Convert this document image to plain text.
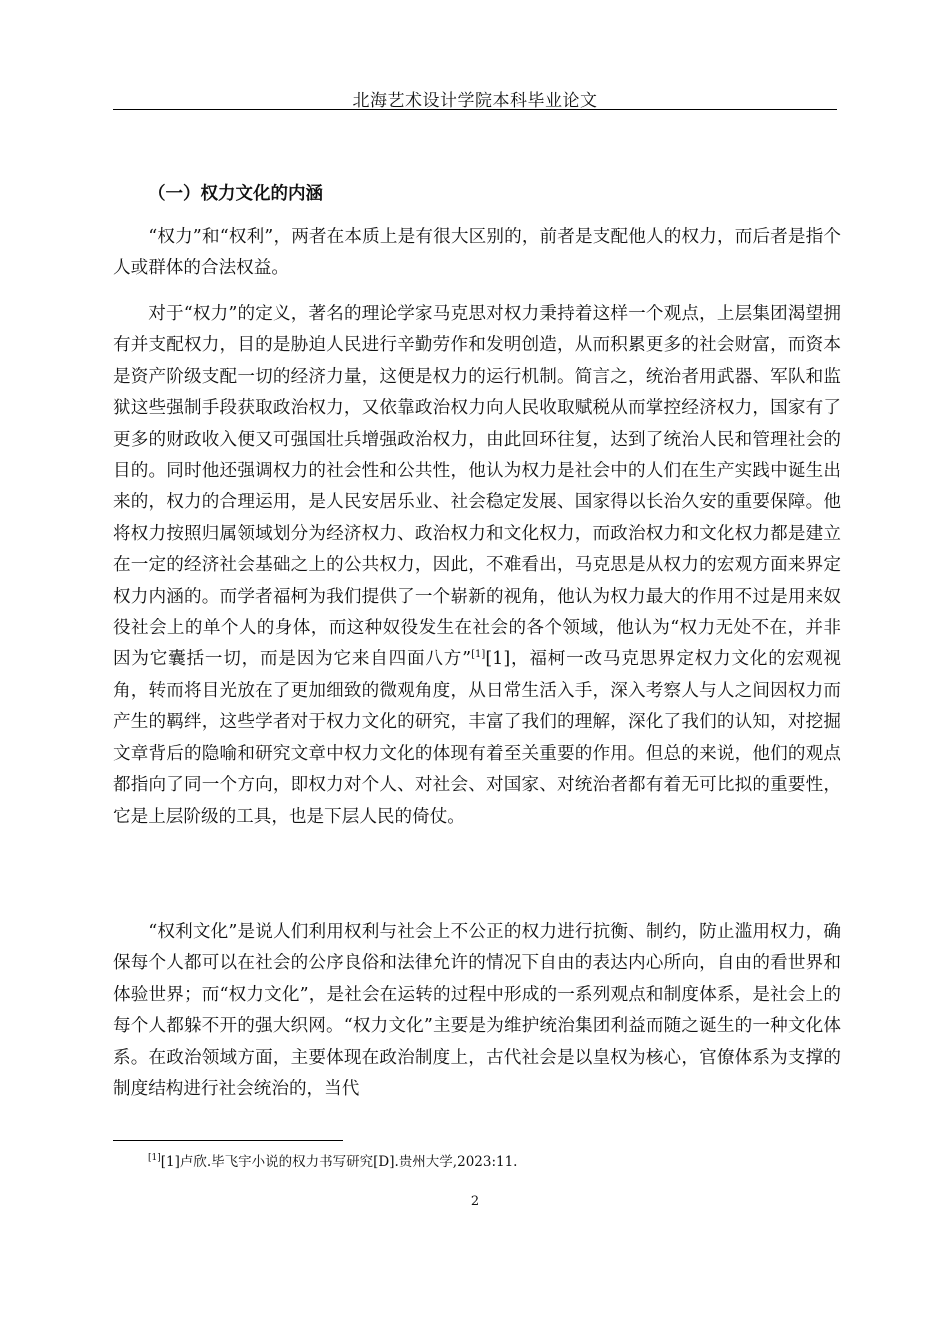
北海艺术设计学院本科毕业论文
（一）权力文化的内涵

“权力”和“权利”，两者在本质上是有很大区别的，前者是支配他人的权力，而后者是指个人或群体的合法权益。

对于“权力”的定义，著名的理论学家马克思对权力秉持着这样一个观点，上层集团渴望拥有并支配权力，目的是胁迫人民进行辛勤劳作和发明创造，从而积累更多的社会财富，而资本是资产阶级支配一切的经济力量，这便是权力的运行机制。简言之，统治者用武器、军队和监狱这些强制手段获取政治权力，又依靠政治权力向人民收取赋税从而掌控经济权力，国家有了更多的财政收入便又可强国壮兵增强政治权力，由此回环往复，达到了统治人民和管理社会的目的。同时他还强调权力的社会性和公共性，他认为权力是社会中的人们在生产实践中诞生出来的，权力的合理运用，是人民安居乐业、社会稳定发展、国家得以长治久安的重要保障。他将权力按照归属领域划分为经济权力、政治权力和文化权力，而政治权力和文化权力都是建立在一定的经济社会基础之上的公共权力，因此，不难看出，马克思是从权力的宏观方面来界定权力内涵的。而学者福柯为我们提供了一个崭新的视角，他认为权力最大的作用不过是用来奴役社会上的单个人的身体，而这种奴役发生在社会的各个领域，他认为“权力无处不在，并非因为它囊括一切，而是因为它来自四面八方”[1][1]，福柯一改马克思界定权力文化的宏观视角，转而将目光放在了更加细致的微观角度，从日常生活入手，深入考察人与人之间因权力而产生的羁绊，这些学者对于权力文化的研究，丰富了我们的理解，深化了我们的认知，对挖掘文章背后的隐喻和研究文章中权力文化的体现有着至关重要的作用。但总的来说，他们的观点都指向了同一个方向，即权力对个人、对社会、对国家、对统治者都有着无可比拟的重要性，它是上层阶级的工具，也是下层人民的倚仗。

“权利文化”是说人们利用权利与社会上不公正的权力进行抗衡、制约，防止滥用权力，确保每个人都可以在社会的公序良俗和法律允许的情况下自由的表达内心所向，自由的看世界和体验世界；而“权力文化”，是社会在运转的过程中形成的一系列观点和制度体系，是社会上的每个人都躲不开的强大织网。“权力文化”主要是为维护统治集团利益而随之诞生的一种文化体系。在政治领域方面，主要体现在政治制度上，古代社会是以皇权为核心，官僚体系为支撑的制度结构进行社会统治的，当代

[1][1]卢欣.毕飞宇小说的权力书写研究[D].贵州大学,2023:11.
2
